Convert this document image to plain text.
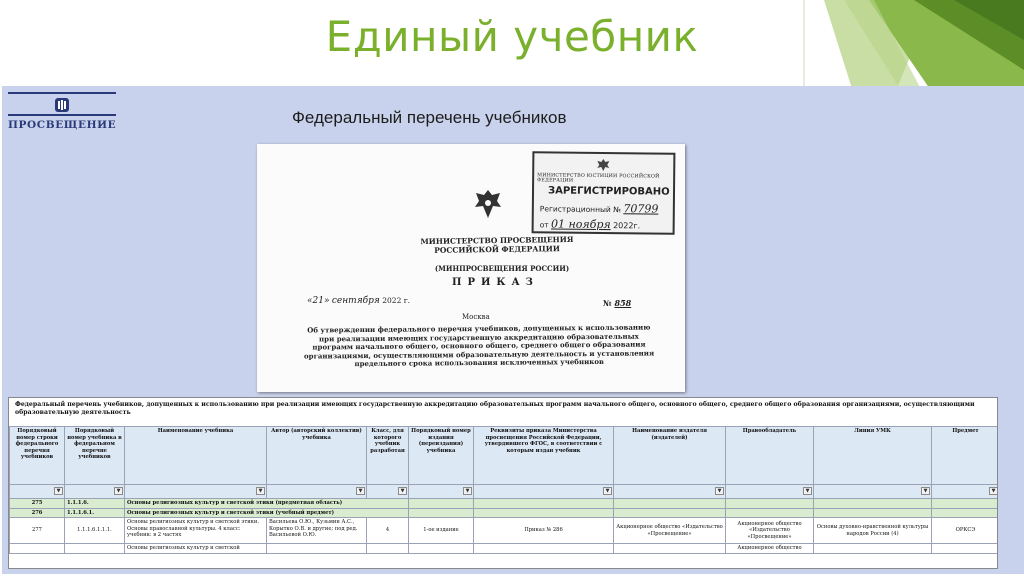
Единый учебник
ПРОСВЕЩЕНИЕ	Федеральный перечень учебников
МИНИСТЕРСТВО ЮСТИЦИИ РОССИЙСКОЙ ФЕДЕРАЦИИ
ЗАРЕГИСТРИРОВАНО
Регистрационный № 70799
от 01 ноября 2022г.
МИНИСТЕРСТВО ПРОСВЕЩЕНИЯ
РОССИЙСКОЙ ФЕДЕРАЦИИ
(МИНПРОСВЕЩЕНИЯ РОССИИ)
ПРИКАЗ
«21» сентября 2022 г.	№ 858
Москва
Об утверждении федерального перечня учебников, допущенных к использованию при реализации имеющих государственную аккредитацию образовательных программ начального общего, основного общего, среднего общего образования организациями, осуществляющими образовательную деятельность и установления предельного срока использования исключенных учебников
Федеральный перечень учебников, допущенных к использованию при реализации имеющих государственную аккредитацию образовательных программ начального общего, основного общего, среднего общего образования организациями, осуществляющими образовательную деятельность
Порядковый номер строки федерального перечня учебников	Порядковый номер учебника в федеральном перечне учебников	Наименование учебника	Автор (авторский коллектив) учебника	Класс, для которого учебник разработан	Порядковый номер издания (переиздания) учебника	Реквизиты приказа Министерства просвещения Российской Федерации, утвердившего ФГОС, в соответствии с которым издан учебник	Наименование издателя (издателей)	Правообладатель	Линия УМК	Предмет

▼	▼	▼	▼	▼	▼	▼	▼	▼	▼	▼

275	1.1.1.6.	Основы религиозных культур и светской этики (предметная область)								
276	1.1.1.6.1.	Основы религиозных культур и светской этики (учебный предмет)								
277	1.1.1.6.1.1.1.	Основы религиозных культур и светской этики. Основы православной культуры. 4 класс: учебник: в 2 частях	Васильева О.Ю., Кузьмин А.С., Корытко О.В. и другие; под ред. Васильевой О.Ю.	4	1-ое издание	Приказ № 286	Акционерное общество «Издательство «Просвещение»	Акционерное общество «Издательство «Просвещение»	Основы духовно-нравственной культуры народов России (4)	ОРКСЭ
		Основы религиозных культур и светской						Акционерное общество		
